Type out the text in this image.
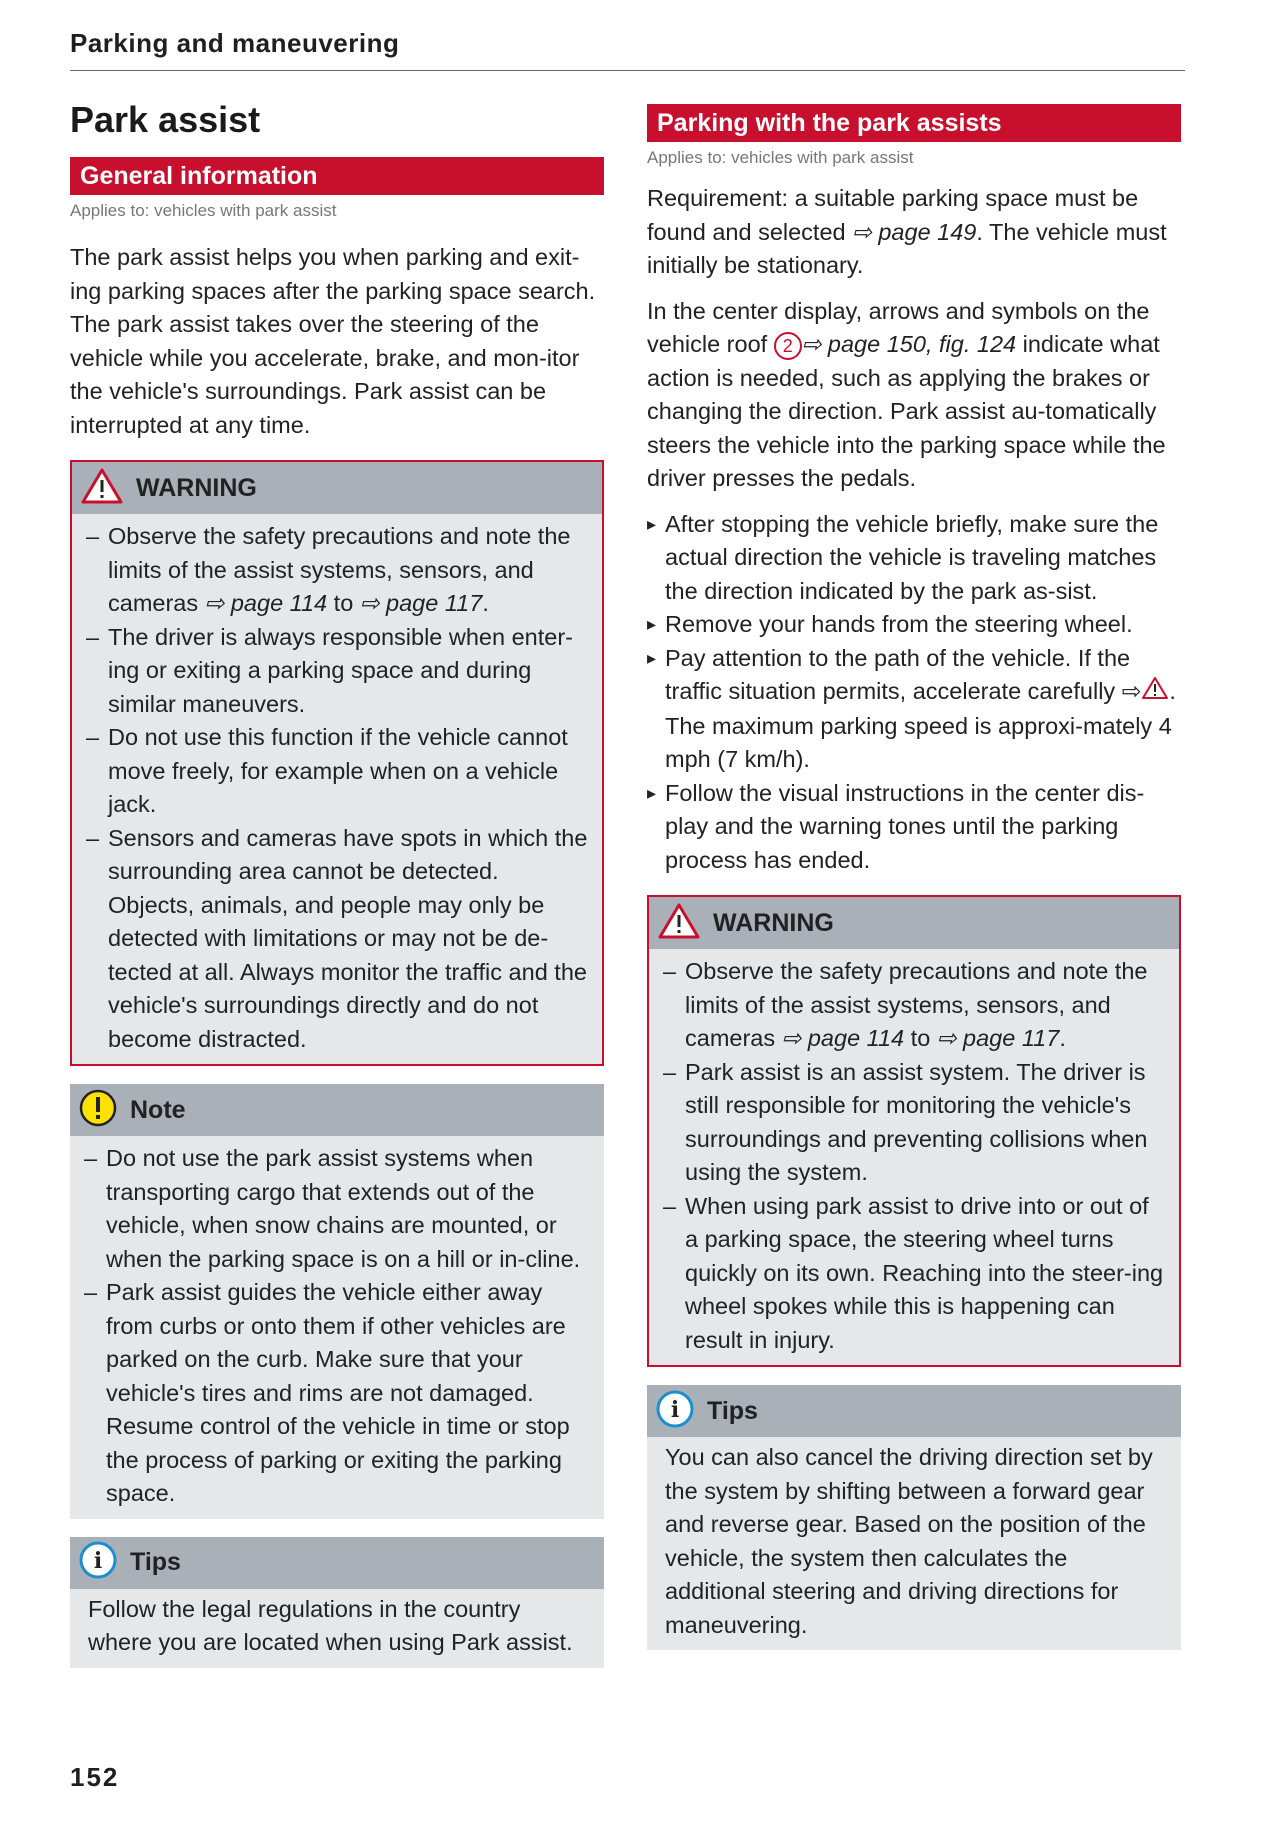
Parking and maneuvering
Park assist
General information
Applies to: vehicles with park assist

The park assist helps you when parking and exit-ing parking spaces after the parking space search. The park assist takes over the steering of the vehicle while you accelerate, brake, and mon-itor the vehicle's surroundings. Park assist can be interrupted at any time.

WARNING
– Observe the safety precautions and note the limits of the assist systems, sensors, and cameras ⇨ page 114 to ⇨ page 117.
– The driver is always responsible when enter-ing or exiting a parking space and during similar maneuvers.
– Do not use this function if the vehicle cannot move freely, for example when on a vehicle jack.
– Sensors and cameras have spots in which the surrounding area cannot be detected. Objects, animals, and people may only be detected with limitations or may not be de-tected at all. Always monitor the traffic and the vehicle's surroundings directly and do not become distracted.
Note
– Do not use the park assist systems when transporting cargo that extends out of the vehicle, when snow chains are mounted, or when the parking space is on a hill or in-cline.
– Park assist guides the vehicle either away from curbs or onto them if other vehicles are parked on the curb. Make sure that your vehicle's tires and rims are not damaged. Resume control of the vehicle in time or stop the process of parking or exiting the parking space.
i Tips
Follow the legal regulations in the country where you are located when using Park assist.
Parking with the park assists
Applies to: vehicles with park assist

Requirement: a suitable parking space must be found and selected ⇨ page 149. The vehicle must initially be stationary.

In the center display, arrows and symbols on the vehicle roof 2 ⇨ page 150, fig. 124 indicate what action is needed, such as applying the brakes or changing the direction. Park assist au-tomatically steers the vehicle into the parking space while the driver presses the pedals.

▸ After stopping the vehicle briefly, make sure the actual direction the vehicle is traveling matches the direction indicated by the park as-sist.
▸ Remove your hands from the steering wheel.
▸ Pay attention to the path of the vehicle. If the traffic situation permits, accelerate carefully ⇨ . The maximum parking speed is approxi-mately 4 mph (7 km/h).
▸ Follow the visual instructions in the center dis-play and the warning tones until the parking process has ended.
WARNING
– Observe the safety precautions and note the limits of the assist systems, sensors, and cameras ⇨ page 114 to ⇨ page 117.
– Park assist is an assist system. The driver is still responsible for monitoring the vehicle's surroundings and preventing collisions when using the system.
– When using park assist to drive into or out of a parking space, the steering wheel turns quickly on its own. Reaching into the steer-ing wheel spokes while this is happening can result in injury.
i Tips
You can also cancel the driving direction set by the system by shifting between a forward gear and reverse gear. Based on the position of the vehicle, the system then calculates the additional steering and driving directions for maneuvering.
152
